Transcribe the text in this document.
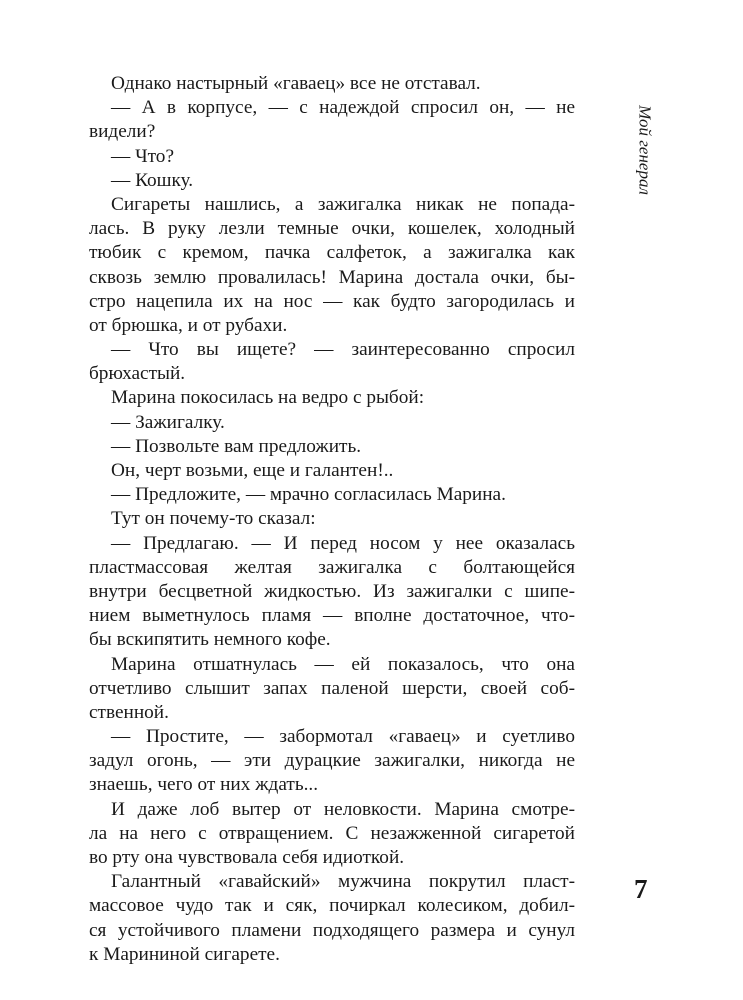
Мой генерал
Однако настырный «гаваец» все не отставал.
— А в корпусе, — с надеждой спросил он, — не
видели?
— Что?
— Кошку.
Сигареты нашлись, а зажигалка никак не попада-
лась. В руку лезли темные очки, кошелек, холодный
тюбик с кремом, пачка салфеток, а зажигалка как
сквозь землю провалилась! Марина достала очки, бы-
стро нацепила их на нос — как будто загородилась и
от брюшка, и от рубахи.
— Что вы ищете? — заинтересованно спросил
брюхастый.
Марина покосилась на ведро с рыбой:
— Зажигалку.
— Позвольте вам предложить.
Он, черт возьми, еще и галантен!..
— Предложите, — мрачно согласилась Марина.
Тут он почему-то сказал:
— Предлагаю. — И перед носом у нее оказалась
пластмассовая желтая зажигалка с болтающейся
внутри бесцветной жидкостью. Из зажигалки с шипе-
нием выметнулось пламя — вполне достаточное, что-
бы вскипятить немного кофе.
Марина отшатнулась — ей показалось, что она
отчетливо слышит запах паленой шерсти, своей соб-
ственной.
— Простите, — забормотал «гаваец» и суетливо
задул огонь, — эти дурацкие зажигалки, никогда не
знаешь, чего от них ждать...
И даже лоб вытер от неловкости. Марина смотре-
ла на него с отвращением. С незажженной сигаретой
во рту она чувствовала себя идиоткой.
Галантный «гавайский» мужчина покрутил пласт-
массовое чудо так и сяк, почиркал колесиком, добил-
ся устойчивого пламени подходящего размера и сунул
к Марининой сигарете.
7
